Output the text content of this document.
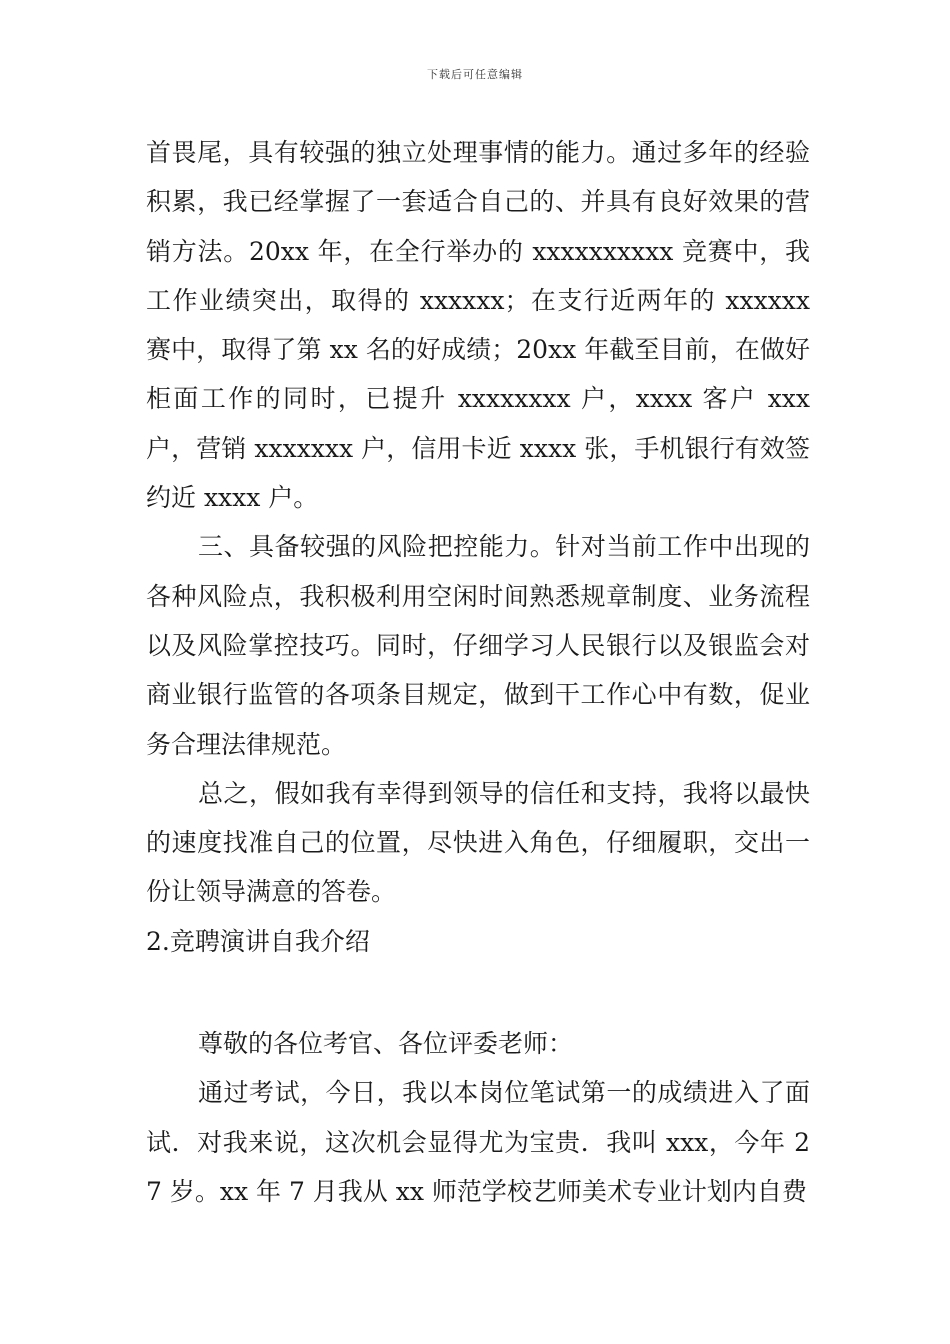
下载后可任意编辑

首畏尾，具有较强的独立处理事情的能力。通过多年的经验积累，我已经掌握了一套适合自己的、并具有良好效果的营销方法。20xx 年，在全行举办的 xxxxxxxxxx 竞赛中，我工作业绩突出，取得的 xxxxxx；在支行近两年的 xxxxxx 赛中，取得了第 xx 名的好成绩；20xx 年截至目前，在做好柜面工作的同时，已提升 xxxxxxxx 户，xxxx 客户 xxx 户，营销 xxxxxxx 户，信用卡近 xxxx 张，手机银行有效签约近 xxxx 户。

三、具备较强的风险把控能力。针对当前工作中出现的各种风险点，我积极利用空闲时间熟悉规章制度、业务流程以及风险掌控技巧。同时，仔细学习人民银行以及银监会对商业银行监管的各项条目规定，做到干工作心中有数，促业务合理法律规范。

总之，假如我有幸得到领导的信任和支持，我将以最快的速度找准自己的位置，尽快进入角色，仔细履职，交出一份让领导满意的答卷。

2.竞聘演讲自我介绍

尊敬的各位考官、各位评委老师：

通过考试，今日，我以本岗位笔试第一的成绩进入了面试．对我来说，这次机会显得尤为宝贵．我叫 xxx，今年 27 岁。xx 年 7 月我从 xx 师范学校艺师美术专业计划内自费
